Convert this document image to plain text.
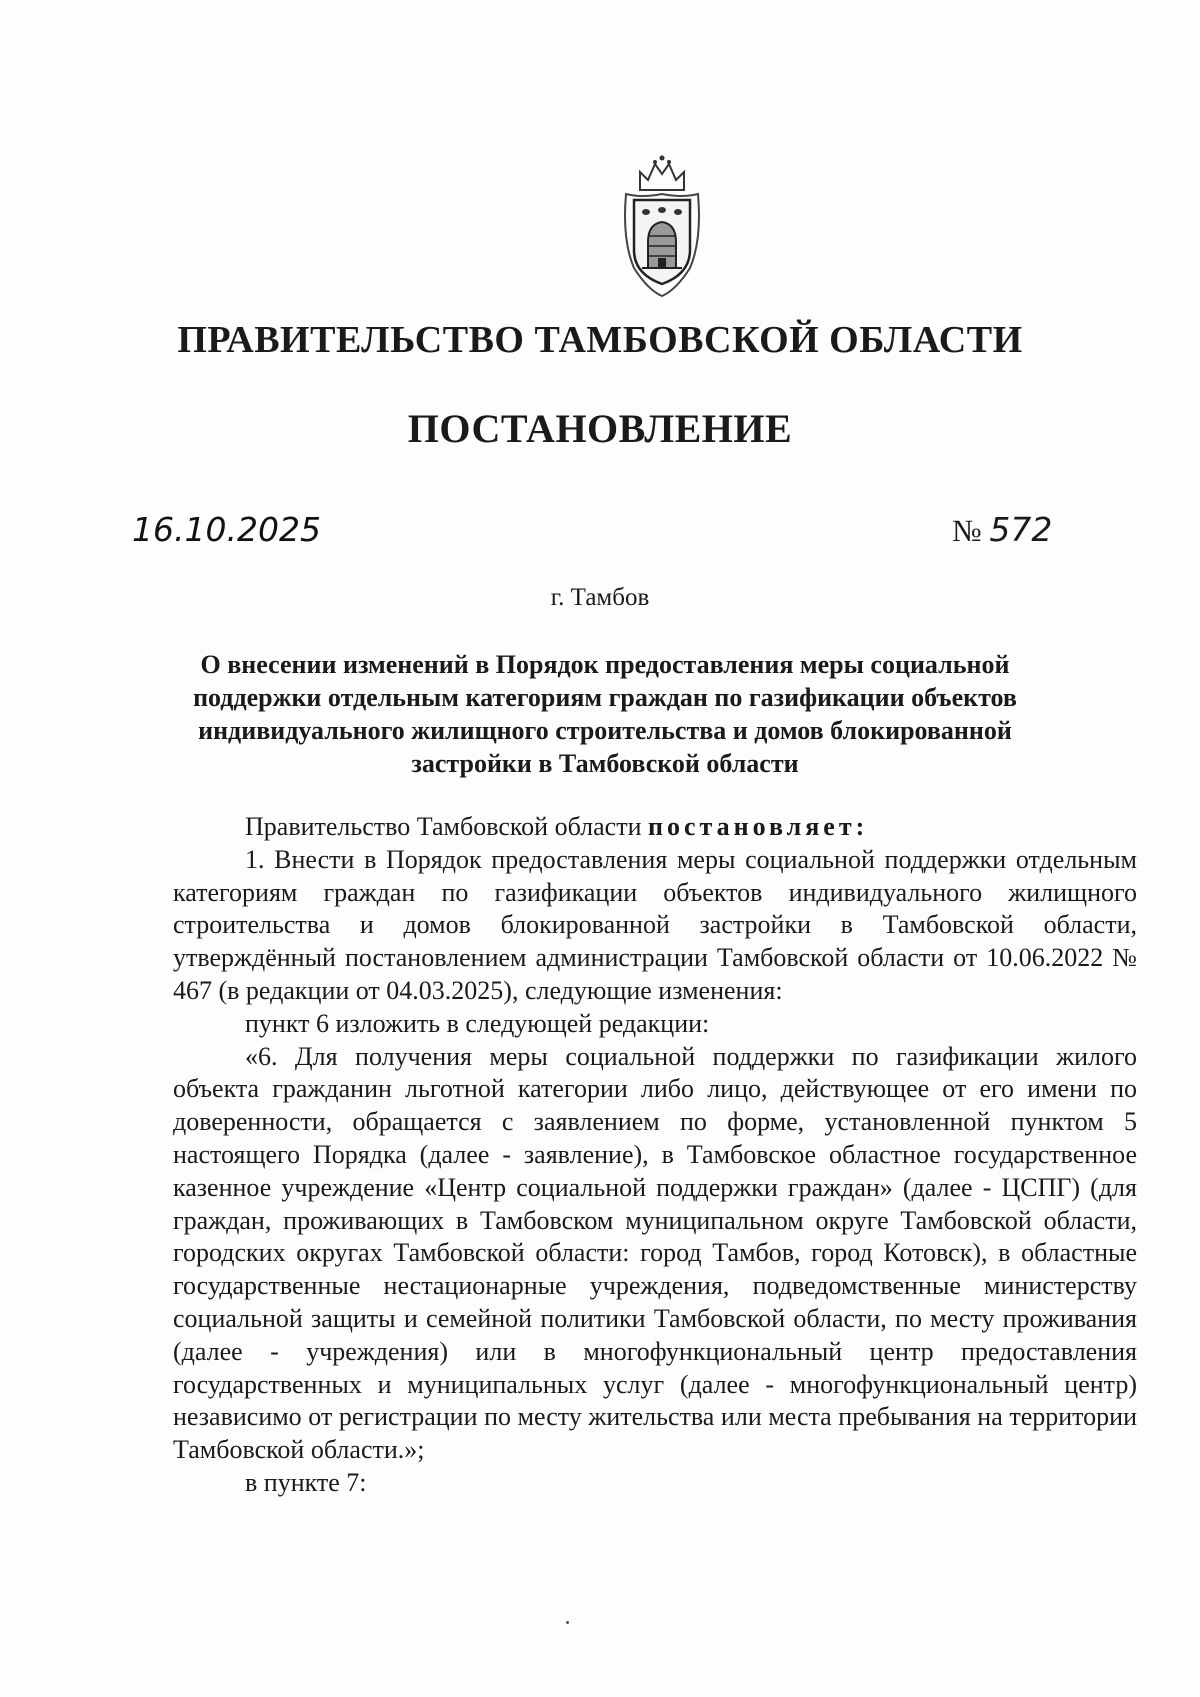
ПРАВИТЕЛЬСТВО ТАМБОВСКОЙ ОБЛАСТИ
ПОСТАНОВЛЕНИЕ
16.10.2025	№ 572
г. Тамбов
О внесении изменений в Порядок предоставления меры социальной поддержки отдельным категориям граждан по газификации объектов индивидуального жилищного строительства и домов блокированной застройки в Тамбовской области

Правительство Тамбовской области постановляет:

1. Внести в Порядок предоставления меры социальной поддержки отдельным категориям граждан по газификации объектов индивидуального жилищного строительства и домов блокированной застройки в Тамбовской области, утверждённый постановлением администрации Тамбовской области от 10.06.2022 № 467 (в редакции от 04.03.2025), следующие изменения:

пункт 6 изложить в следующей редакции:

«6. Для получения меры социальной поддержки по газификации жилого объекта гражданин льготной категории либо лицо, действующее от его имени по доверенности, обращается с заявлением по форме, установленной пунктом 5 настоящего Порядка (далее - заявление), в Тамбовское областное государственное казенное учреждение «Центр социальной поддержки граждан» (далее - ЦСПГ) (для граждан, проживающих в Тамбовском муниципальном округе Тамбовской области, городских округах Тамбовской области: город Тамбов, город Котовск), в областные государственные нестационарные учреждения, подведомственные министерству социальной защиты и семейной политики Тамбовской области, по месту проживания (далее - учреждения) или в многофункциональный центр предоставления государственных и муниципальных услуг (далее - многофункциональный центр) независимо от регистрации по месту жительства или места пребывания на территории Тамбовской области.»;

в пункте 7:
